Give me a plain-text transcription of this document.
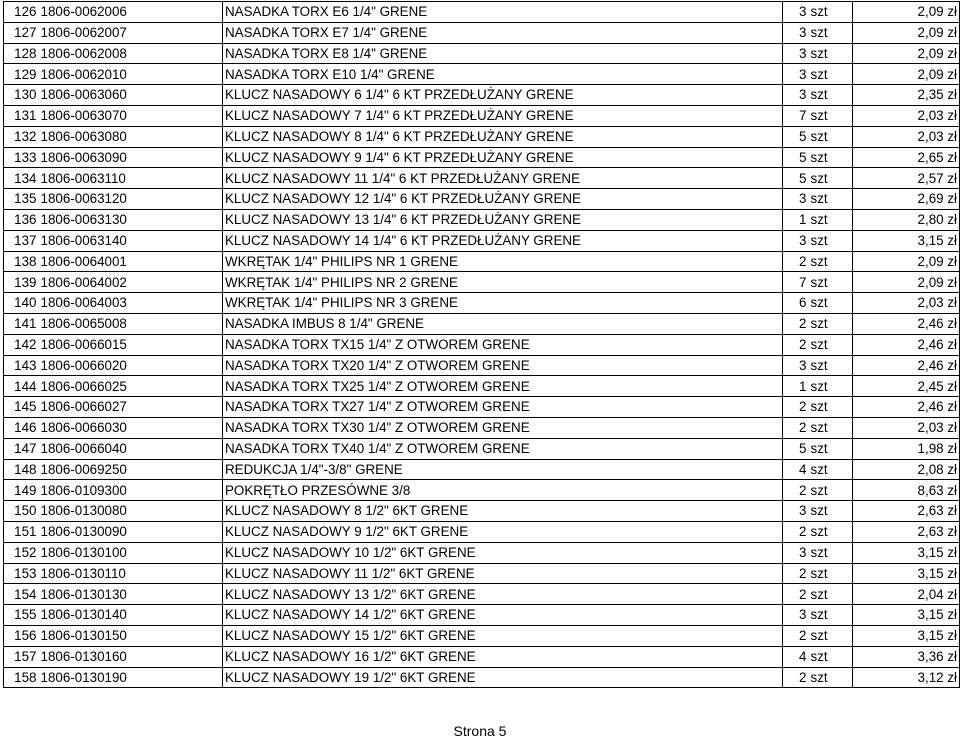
126	1806-0062006	NASADKA TORX E6 1/4" GRENE	3	szt	2,09 zł
127	1806-0062007	NASADKA TORX E7 1/4" GRENE	3	szt	2,09 zł
128	1806-0062008	NASADKA TORX E8 1/4" GRENE	3	szt	2,09 zł
129	1806-0062010	NASADKA TORX E10 1/4" GRENE	3	szt	2,09 zł
130	1806-0063060	KLUCZ NASADOWY 6 1/4" 6 KT PRZEDŁUŻANY GRENE	3	szt	2,35 zł
131	1806-0063070	KLUCZ NASADOWY 7 1/4" 6 KT PRZEDŁUŻANY GRENE	7	szt	2,03 zł
132	1806-0063080	KLUCZ NASADOWY 8 1/4" 6 KT PRZEDŁUŻANY GRENE	5	szt	2,03 zł
133	1806-0063090	KLUCZ NASADOWY 9 1/4" 6 KT PRZEDŁUŻANY GRENE	5	szt	2,65 zł
134	1806-0063110	KLUCZ NASADOWY 11 1/4" 6 KT PRZEDŁUŻANY GRENE	5	szt	2,57 zł
135	1806-0063120	KLUCZ NASADOWY 12 1/4" 6 KT PRZEDŁUŻANY GRENE	3	szt	2,69 zł
136	1806-0063130	KLUCZ NASADOWY 13 1/4" 6 KT PRZEDŁUŻANY GRENE	1	szt	2,80 zł
137	1806-0063140	KLUCZ NASADOWY 14 1/4" 6 KT PRZEDŁUŻANY GRENE	3	szt	3,15 zł
138	1806-0064001	WKRĘTAK 1/4" PHILIPS NR 1 GRENE	2	szt	2,09 zł
139	1806-0064002	WKRĘTAK 1/4" PHILIPS NR 2 GRENE	7	szt	2,09 zł
140	1806-0064003	WKRĘTAK 1/4" PHILIPS NR 3 GRENE	6	szt	2,03 zł
141	1806-0065008	NASADKA IMBUS 8 1/4" GRENE	2	szt	2,46 zł
142	1806-0066015	NASADKA TORX TX15 1/4" Z OTWOREM GRENE	2	szt	2,46 zł
143	1806-0066020	NASADKA TORX TX20 1/4" Z OTWOREM GRENE	3	szt	2,46 zł
144	1806-0066025	NASADKA TORX TX25 1/4" Z OTWOREM GRENE	1	szt	2,45 zł
145	1806-0066027	NASADKA TORX TX27 1/4" Z OTWOREM GRENE	2	szt	2,46 zł
146	1806-0066030	NASADKA TORX TX30 1/4" Z OTWOREM GRENE	2	szt	2,03 zł
147	1806-0066040	NASADKA TORX TX40 1/4" Z OTWOREM GRENE	5	szt	1,98 zł
148	1806-0069250	REDUKCJA 1/4"-3/8" GRENE	4	szt	2,08 zł
149	1806-0109300	POKRĘTŁO PRZESÓWNE 3/8	2	szt	8,63 zł
150	1806-0130080	KLUCZ NASADOWY 8 1/2" 6KT GRENE	3	szt	2,63 zł
151	1806-0130090	KLUCZ NASADOWY 9 1/2" 6KT GRENE	2	szt	2,63 zł
152	1806-0130100	KLUCZ NASADOWY 10 1/2" 6KT GRENE	3	szt	3,15 zł
153	1806-0130110	KLUCZ NASADOWY 11 1/2" 6KT GRENE	2	szt	3,15 zł
154	1806-0130130	KLUCZ NASADOWY 13 1/2" 6KT GRENE	2	szt	2,04 zł
155	1806-0130140	KLUCZ NASADOWY 14 1/2" 6KT GRENE	3	szt	3,15 zł
156	1806-0130150	KLUCZ NASADOWY 15 1/2" 6KT GRENE	2	szt	3,15 zł
157	1806-0130160	KLUCZ NASADOWY 16 1/2" 6KT GRENE	4	szt	3,36 zł
158	1806-0130190	KLUCZ NASADOWY 19 1/2" 6KT GRENE	2	szt	3,12 zł
Strona 5
